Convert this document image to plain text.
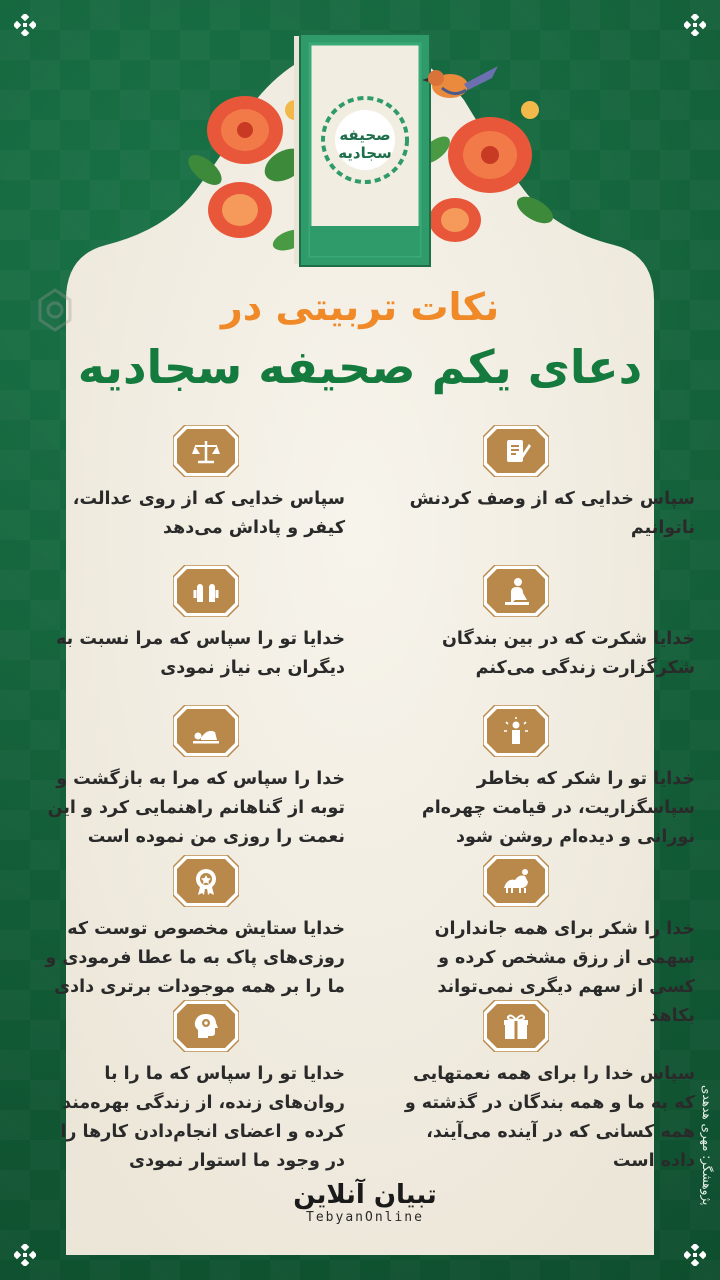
صحیفه سجادیه
نکات تربیتی در
دعای یکم صحیفه سجادیه
سپاس خدایی که از وصف کردنش ناتوانیم
سپاس خدایی که از روی عدالت، کیفر و پاداش می‌دهد
خدایا شکرت که در بین بندگان شکرگزارت زندگی می‌کنم
خدایا تو را سپاس که مرا نسبت به دیگران بی نیاز نمودی
خدایا تو را شکر که بخاطر سپاسگزاریت، در قیامت چهره‌ام نورانی و دیده‌ام روشن شود
خدا را سپاس که مرا به بازگشت و توبه از گناهانم راهنمایی کرد و این نعمت را روزی من نموده است
خدا را شکر برای همه جانداران سهمی از رزق مشخص کرده و کسی از سهم دیگری نمی‌تواند بکاهد
خدایا ستایش مخصوص توست که روزی‌های پاک به ما عطا فرمودی و ما را بر همه موجودات برتری دادی
سپاس خدا را برای همه نعمتهایی که به ما و همه بندگان در گذشته و همه کسانی که در آینده می‌آیند، داده است
خدایا تو را سپاس که ما را با روان‌های زنده، از زندگی بهره‌مند کرده و اعضای انجام‌دادن کارها را در وجود ما استوار نمودی
تبیان آنلاین
TebyanOnline
پژوهشگر: مهری هدهدی
